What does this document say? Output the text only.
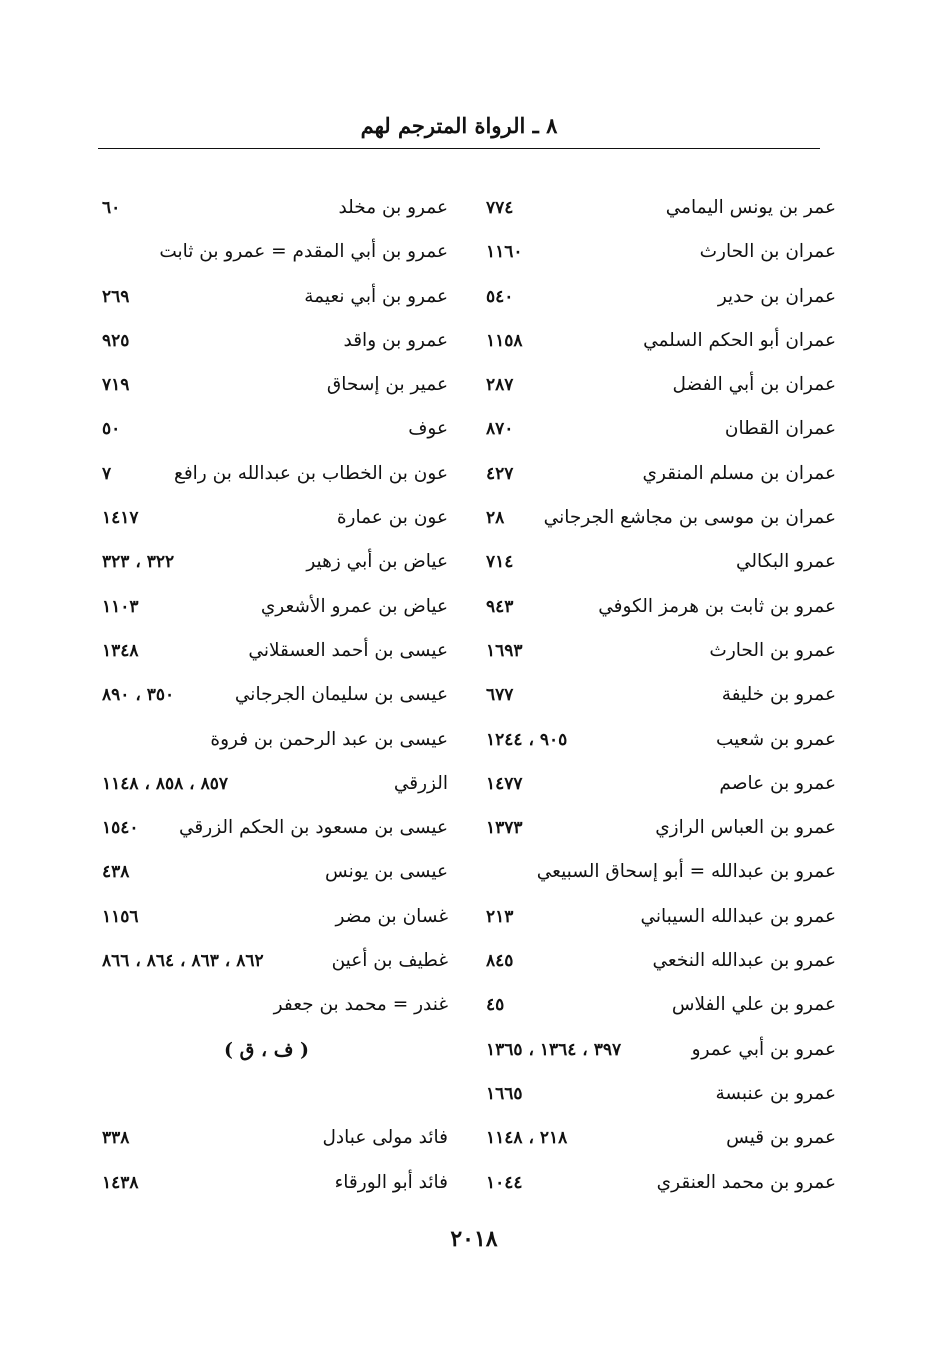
٨ ـ الرواة المترجم لهم
عمر بن يونس اليمامي
٧٧٤
عمران بن الحارث
١١٦٠
عمران بن حدير
٥٤٠
عمران أبو الحكم السلمي
١١٥٨
عمران بن أبي الفضل
٢٨٧
عمران القطان
٨٧٠
عمران بن مسلم المنقري
٤٢٧
عمران بن موسى بن مجاشع الجرجاني
٢٨
عمرو البكالي
٧١٤
عمرو بن ثابت بن هرمز الكوفي
٩٤٣
عمرو بن الحارث
١٦٩٣
عمرو بن خليفة
٦٧٧
عمرو بن شعيب
٩٠٥ ، ١٢٤٤
عمرو بن عاصم
١٤٧٧
عمرو بن العباس الرازي
١٣٧٣
عمرو بن عبدالله = أبو إسحاق السبيعي
عمرو بن عبدالله السيباني
٢١٣
عمرو بن عبدالله النخعي
٨٤٥
عمرو بن علي الفلاس
٤٥
عمرو بن أبي عمرو
٣٩٧ ، ١٣٦٤ ، ١٣٦٥
عمرو بن عنبسة
١٦٦٥
عمرو بن قيس
٢١٨ ، ١١٤٨
عمرو بن محمد العنقري
١٠٤٤
عمرو بن مخلد
٦٠
عمرو بن أبي المقدم = عمرو بن ثابت
عمرو بن أبي نعيمة
٢٦٩
عمرو بن واقد
٩٢٥
عمير بن إسحاق
٧١٩
عوف
٥٠
عون بن الخطاب بن عبدالله بن رافع
٧
عون بن عمارة
١٤١٧
عياض بن أبي زهير
٣٢٢ ، ٣٢٣
عياض بن عمرو الأشعري
١١٠٣
عيسى بن أحمد العسقلاني
١٣٤٨
عيسى بن سليمان الجرجاني
٣٥٠ ، ٨٩٠
عيسى بن عبد الرحمن بن فروة
الزرقي
٨٥٧ ، ٨٥٨ ، ١١٤٨
عيسى بن مسعود بن الحكم الزرقي
١٥٤٠
عيسى بن يونس
٤٣٨
غسان بن مضر
١١٥٦
غطيف بن أعين
٨٦٢ ، ٨٦٣ ، ٨٦٤ ، ٨٦٦
غندر = محمد بن جعفر
( ف ، ق )
فائد مولى عبادل
٣٣٨
فائد أبو الورقاء
١٤٣٨
٢٠١٨
